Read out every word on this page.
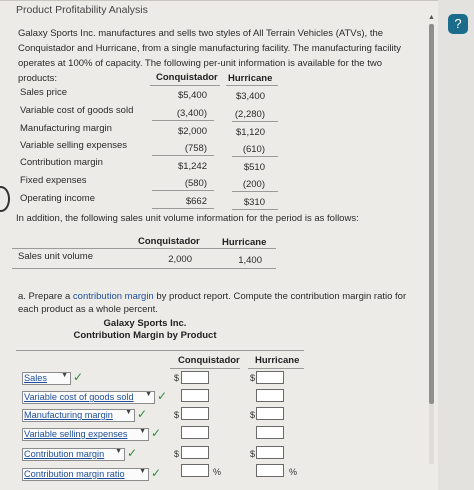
Product Profitability Analysis
Galaxy Sports Inc. manufactures and sells two styles of All Terrain Vehicles (ATVs), the Conquistador and Hurricane, from a single manufacturing facility. The manufacturing facility operates at 100% of capacity. The following per-unit information is available for the two products:	Conquistador Hurricane
Sales price	$5,400	$3,400
Variable cost of goods sold	(3,400)	(2,280)
Manufacturing margin	$2,000	$1,120
Variable selling expenses	(758)	(610)
Contribution margin	$1,242	$510
Fixed expenses	(580)	(200)
Operating income	$662	$310
In addition, the following sales unit volume information for the period is as follows:
Conquistador Hurricane
Sales unit volume	2,000	1,400
a. Prepare a contribution margin by product report. Compute the contribution margin ratio for each product as a whole percent.
Galaxy Sports Inc.
Contribution Margin by Product
Conquistador Hurricane
Sales ▼ ✓	$	$
Variable cost of goods sold ▼ ✓
Manufacturing margin ▼ ✓	$	$
Variable selling expenses ▼ ✓
Contribution margin ▼ ✓	$	$
Contribution margin ratio ▼ ✓	%	%
▲	?
